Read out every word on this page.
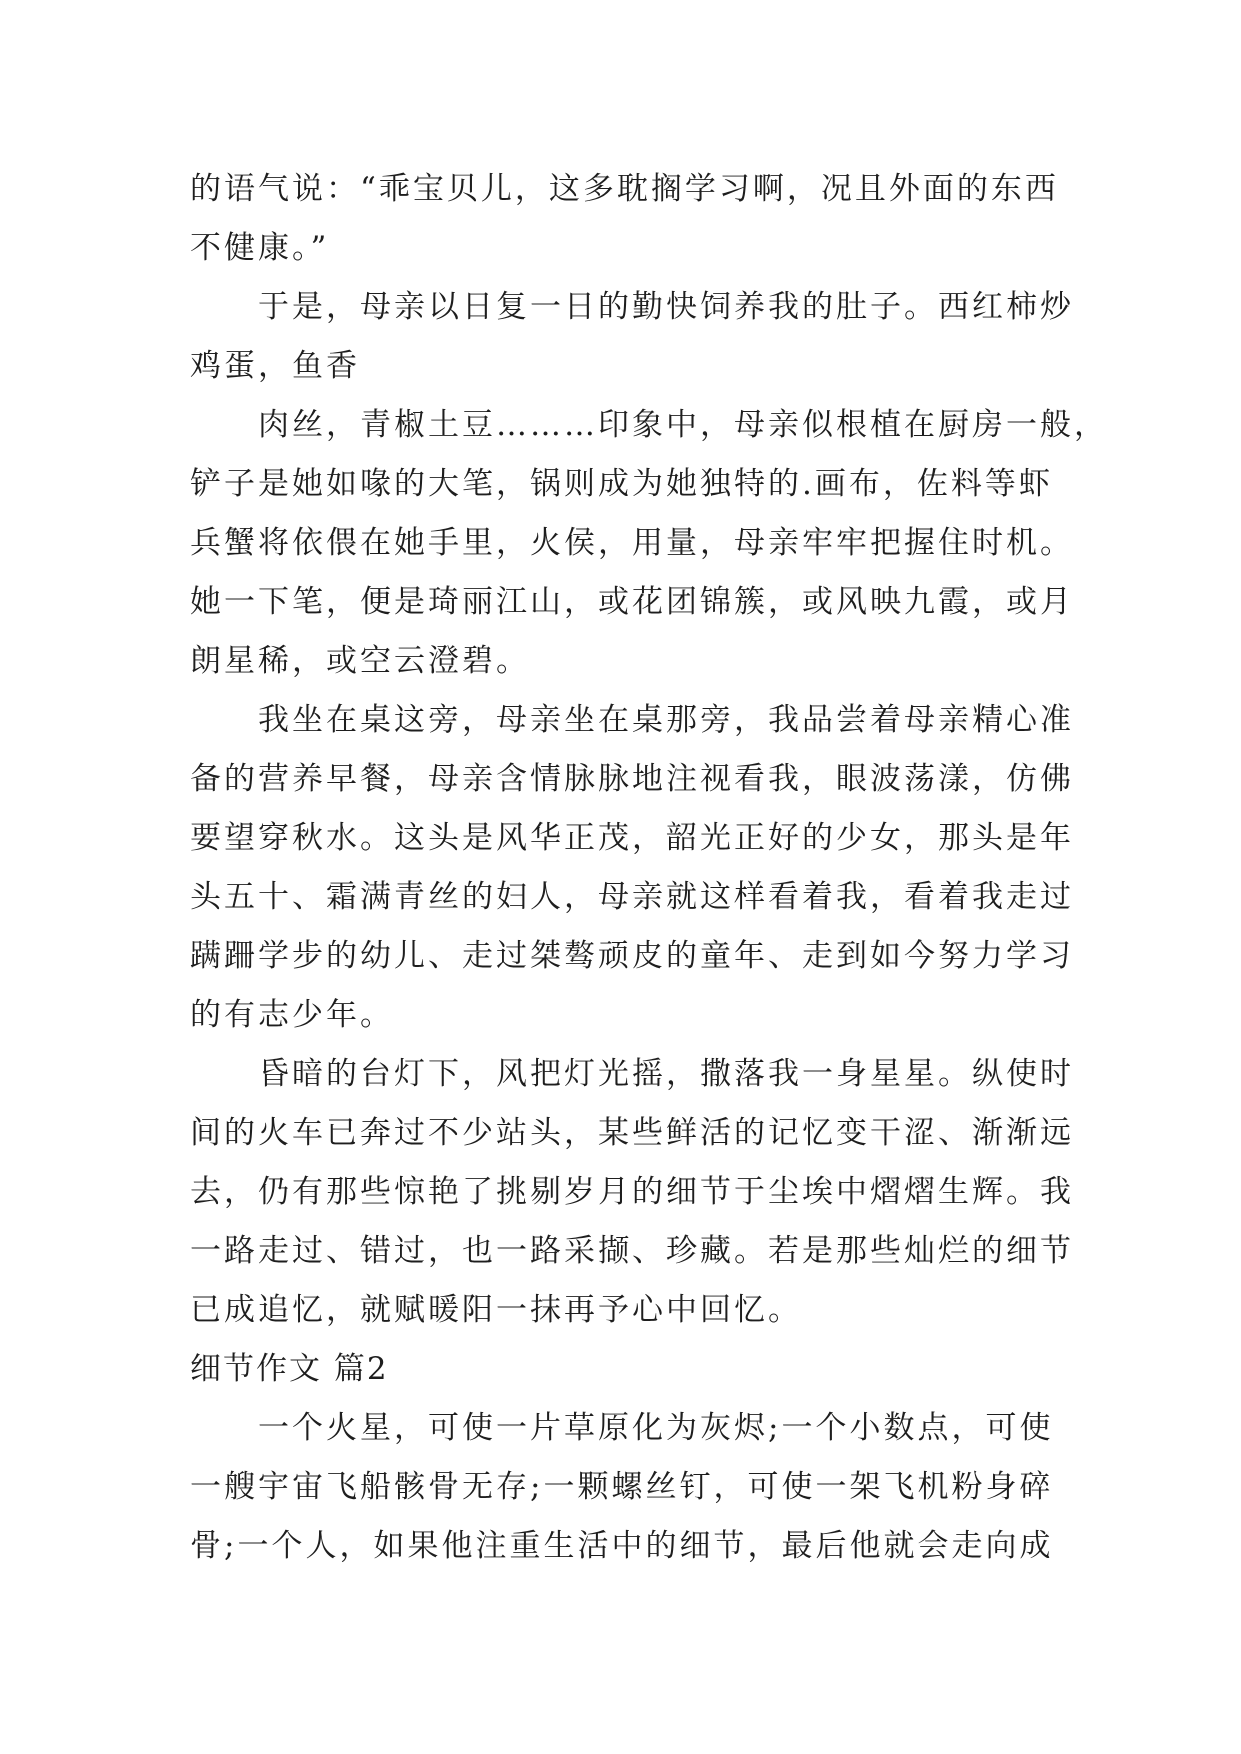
的语气说：“乖宝贝儿，这多耽搁学习啊，况且外面的东西
不健康。”
于是，母亲以日复一日的勤快饲养我的肚子。西红柿炒
鸡蛋，鱼香
肉丝，青椒土豆………印象中，母亲似根植在厨房一般，
铲子是她如喙的大笔，锅则成为她独特的.画布，佐料等虾
兵蟹将依偎在她手里，火侯，用量，母亲牢牢把握住时机。
她一下笔，便是琦丽江山，或花团锦簇，或风映九霞，或月
朗星稀，或空云澄碧。
我坐在桌这旁，母亲坐在桌那旁，我品尝着母亲精心准
备的营养早餐，母亲含情脉脉地注视看我，眼波荡漾，仿佛
要望穿秋水。这头是风华正茂，韶光正好的少女，那头是年
头五十、霜满青丝的妇人，母亲就这样看着我，看着我走过
蹒跚学步的幼儿、走过桀骜顽皮的童年、走到如今努力学习
的有志少年。
昏暗的台灯下，风把灯光摇，撒落我一身星星。纵使时
间的火车已奔过不少站头，某些鲜活的记忆变干涩、渐渐远
去，仍有那些惊艳了挑剔岁月的细节于尘埃中熠熠生辉。我
一路走过、错过，也一路采撷、珍藏。若是那些灿烂的细节
已成追忆，就赋暖阳一抹再予心中回忆。
细节作文 篇2
一个火星，可使一片草原化为灰烬;一个小数点，可使
一艘宇宙飞船骸骨无存;一颗螺丝钉，可使一架飞机粉身碎
骨;一个人，如果他注重生活中的细节，最后他就会走向成
